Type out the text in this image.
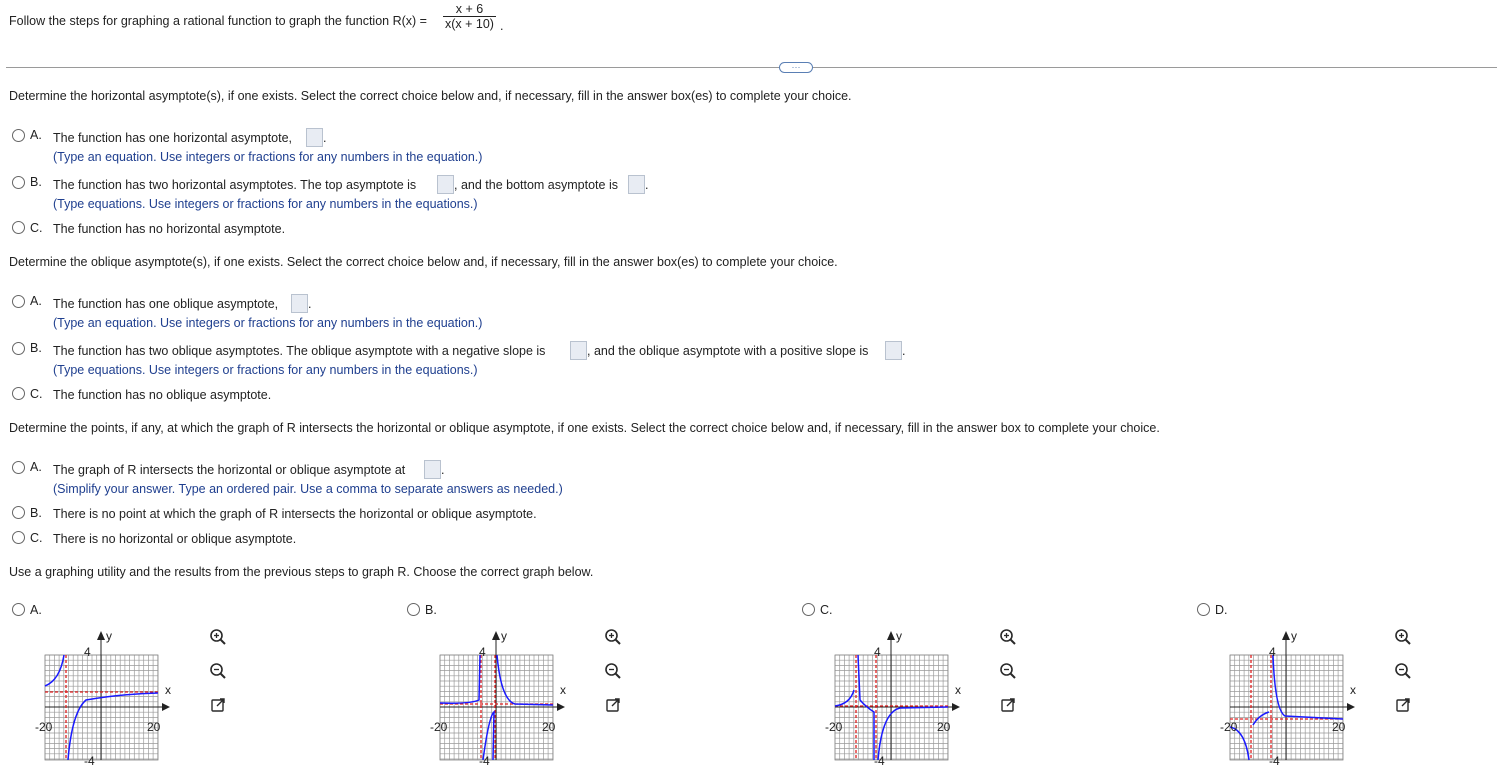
Follow the steps for graphing a rational function to graph the function $R(x) = \frac{x + 6}{x(x + 10)}$ .
···
Determine the horizontal asymptote(s), if one exists. Select the correct choice below and, if necessary, fill in the answer box(es) to complete your choice.
A. The function has one horizontal asymptote, .
(Type an equation. Use integers or fractions for any numbers in the equation.)
B. The function has two horizontal asymptotes. The top asymptote is	, and the bottom asymptote is .
(Type equations. Use integers or fractions for any numbers in the equations.)
C. The function has no horizontal asymptote.
Determine the oblique asymptote(s), if one exists. Select the correct choice below and, if necessary, fill in the answer box(es) to complete your choice.
A. The function has one oblique asymptote, .
(Type an equation. Use integers or fractions for any numbers in the equation.)
B. The function has two oblique asymptotes. The oblique asymptote with a negative slope is	, and the oblique asymptote with a positive slope is	.
(Type equations. Use integers or fractions for any numbers in the equations.)
C. The function has no oblique asymptote.
Determine the points, if any, at which the graph of R intersects the horizontal or oblique asymptote, if one exists. Select the correct choice below and, if necessary, fill in the answer box to complete your choice.
A. The graph of R intersects the horizontal or oblique asymptote at	.
(Simplify your answer. Type an ordered pair. Use a comma to separate answers as needed.)
B. There is no point at which the graph of R intersects the horizontal or oblique asymptote.
C. There is no horizontal or oblique asymptote.
Use a graphing utility and the results from the previous steps to graph R. Choose the correct graph below.
A.
y
x
4
-4
-20	20
B.
y
x
4
-4
-20	20
C.
y
x
4
-4
-20	20
D.
y
x
4
-4
-20	20
